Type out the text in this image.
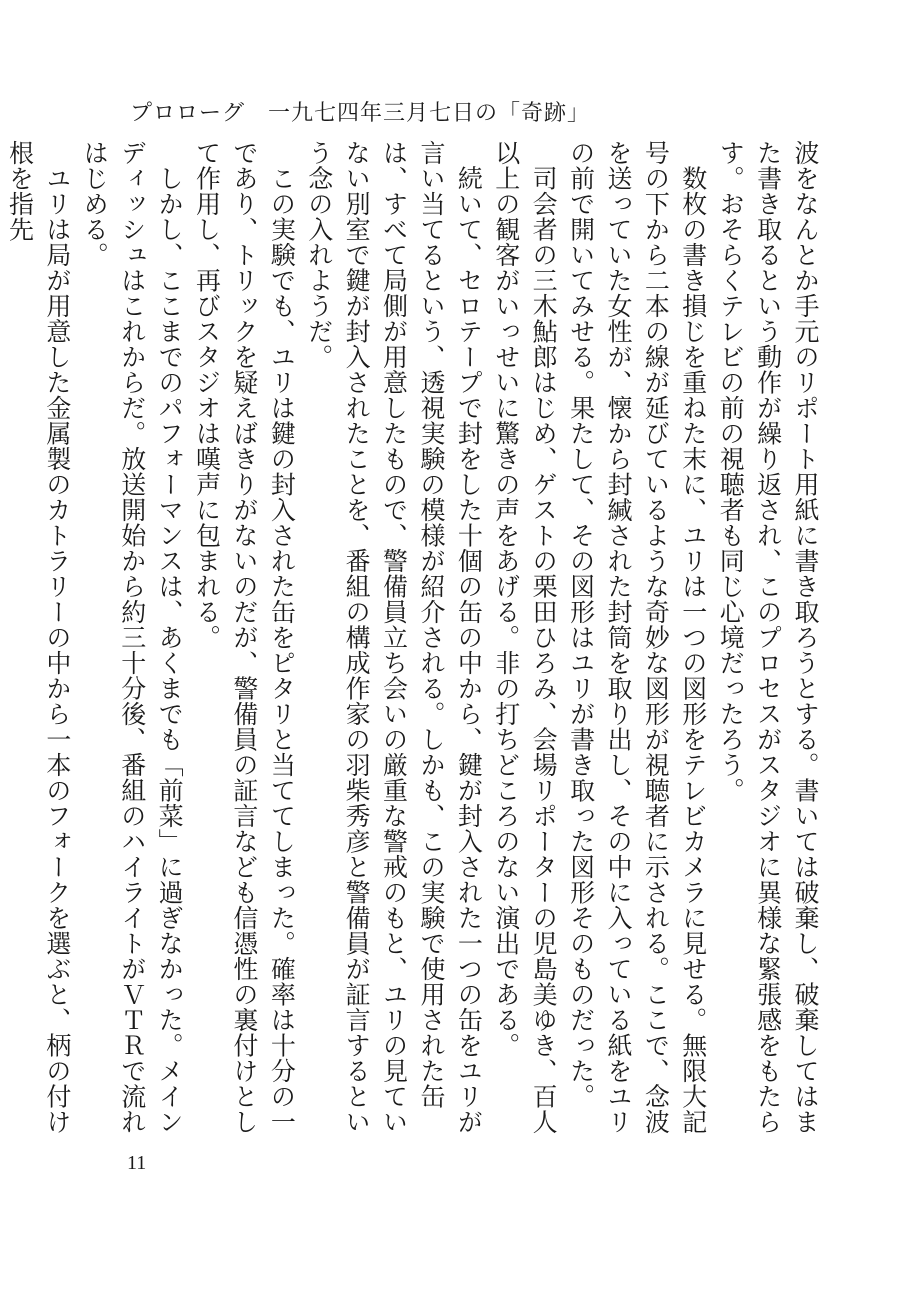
プロローグ　一九七四年三月七日の「奇跡」

波をなんとか手元のリポート用紙に書き取ろうとする。書いては破棄し、破棄してはまた書き取るという動作が繰り返され、このプロセスがスタジオに異様な緊張感をもたらす。おそらくテレビの前の視聴者も同じ心境だったろう。

　数枚の書き損じを重ねた末に、ユリは一つの図形をテレビカメラに見せる。無限大記号の下から二本の線が延びているような奇妙な図形が視聴者に示される。ここで、念波を送っていた女性が、懐から封緘された封筒を取り出し、その中に入っている紙をユリの前で開いてみせる。果たして、その図形はユリが書き取った図形そのものだった。

　司会者の三木鮎郎はじめ、ゲストの栗田ひろみ、会場リポーターの児島美ゆき、百人以上の観客がいっせいに驚きの声をあげる。非の打ちどころのない演出である。

　続いて、セロテープで封をした十個の缶の中から、鍵が封入された一つの缶をユリが言い当てるという、透視実験の模様が紹介される。しかも、この実験で使用された缶は、すべて局側が用意したもので、警備員立ち会いの厳重な警戒のもと、ユリの見ていない別室で鍵が封入されたことを、番組の構成作家の羽柴秀彦と警備員が証言するという念の入れようだ。

　この実験でも、ユリは鍵の封入された缶をピタリと当ててしまった。確率は十分の一であり、トリックを疑えばきりがないのだが、警備員の証言なども信憑性の裏付けとして作用し、再びスタジオは嘆声に包まれる。

　しかし、ここまでのパフォーマンスは、あくまでも「前菜」に過ぎなかった。メインディッシュはこれからだ。放送開始から約三十分後、番組のハイライトがＶＴＲで流れはじめる。

　ユリは局が用意した金属製のカトラリーの中から一本のフォークを選ぶと、柄の付け根を指先

11
